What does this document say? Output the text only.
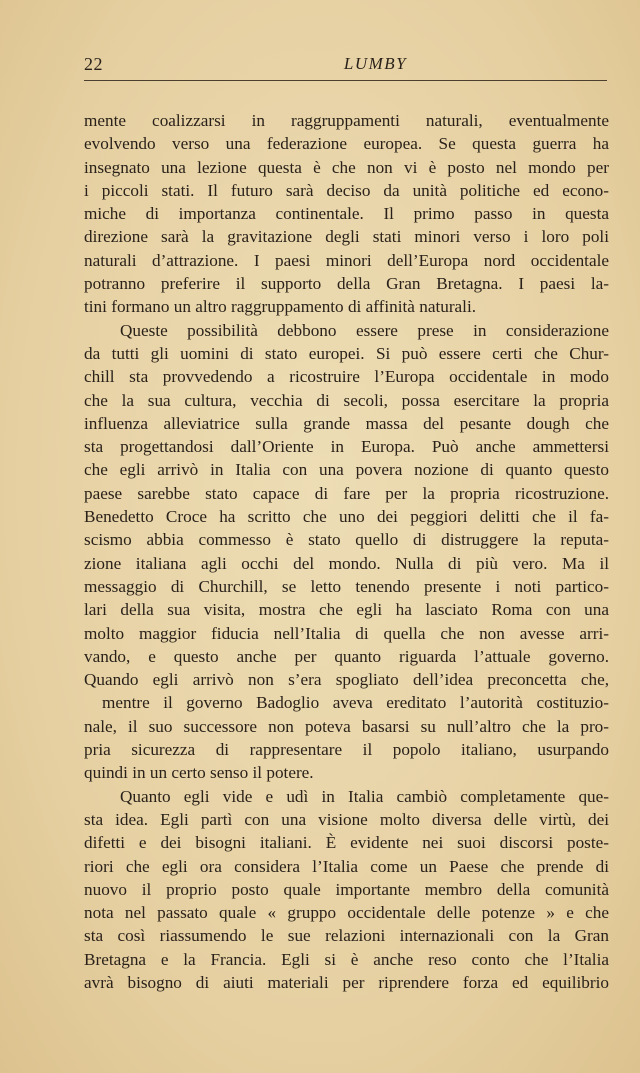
22	LUMBY
mente coalizzarsi in raggruppamenti naturali, eventualmente
evolvendo verso una federazione europea. Se questa guerra ha
insegnato una lezione questa è che non vi è posto nel mondo per
i piccoli stati. Il futuro sarà deciso da unità politiche ed econo-
miche di importanza continentale. Il primo passo in questa
direzione sarà la gravitazione degli stati minori verso i loro poli
naturali d’attrazione. I paesi minori dell’Europa nord occidentale
potranno preferire il supporto della Gran Bretagna. I paesi la-
tini formano un altro raggruppamento di affinità naturali.
Queste possibilità debbono essere prese in considerazione
da tutti gli uomini di stato europei. Si può essere certi che Chur-
chill sta provvedendo a ricostruire l’Europa occidentale in modo
che la sua cultura, vecchia di secoli, possa esercitare la propria
influenza alleviatrice sulla grande massa del pesante dough che
sta progettandosi dall’Oriente in Europa. Può anche ammettersi
che egli arrivò in Italia con una povera nozione di quanto questo
paese sarebbe stato capace di fare per la propria ricostruzione.
Benedetto Croce ha scritto che uno dei peggiori delitti che il fa-
scismo abbia commesso è stato quello di distruggere la reputa-
zione italiana agli occhi del mondo. Nulla di più vero. Ma il
messaggio di Churchill, se letto tenendo presente i noti partico-
lari della sua visita, mostra che egli ha lasciato Roma con una
molto maggior fiducia nell’Italia di quella che non avesse arri-
vando, e questo anche per quanto riguarda l’attuale governo.
Quando egli arrivò non s’era spogliato dell’idea preconcetta che,
mentre il governo Badoglio aveva ereditato l’autorità costituzio-
nale, il suo successore non poteva basarsi su null’altro che la pro-
pria sicurezza di rappresentare il popolo italiano, usurpando
quindi in un certo senso il potere.
Quanto egli vide e udì in Italia cambiò completamente que-
sta idea. Egli partì con una visione molto diversa delle virtù, dei
difetti e dei bisogni italiani. È evidente nei suoi discorsi poste-
riori che egli ora considera l’Italia come un Paese che prende di
nuovo il proprio posto quale importante membro della comunità
nota nel passato quale « gruppo occidentale delle potenze » e che
sta così riassumendo le sue relazioni internazionali con la Gran
Bretagna e la Francia. Egli si è anche reso conto che l’Italia
avrà bisogno di aiuti materiali per riprendere forza ed equilibrio
